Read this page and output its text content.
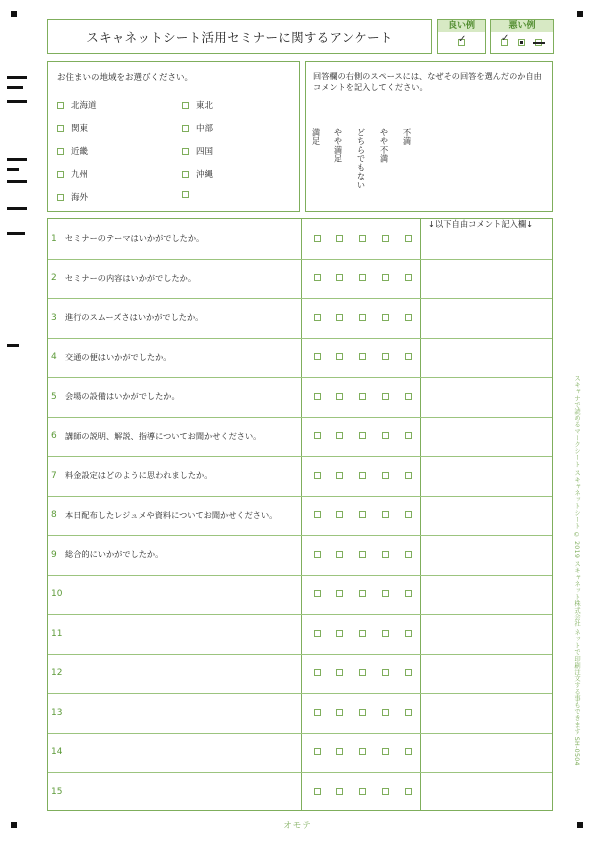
スキャネットシート活用セミナーに関するアンケート
良い例
✓
悪い例
✓
お住まいの地域をお選びください。
北海道
関東
近畿
九州
海外
東北
中部
四国
沖縄
回答欄の右側のスペースには、なぜその回答を選んだのか自由コメントを記入してください。
満足 やや満足 どちらでもない やや不満 不満
↓以下自由コメント記入欄↓
1	セミナーのテーマはいかがでしたか。
2	セミナーの内容はいかがでしたか。
3	進行のスムーズさはいかがでしたか。
4	交通の便はいかがでしたか。
5	会場の設備はいかがでしたか。
6	講師の説明、解説、指導についてお聞かせください。
7	料金設定はどのように思われましたか。
8	本日配布したレジュメや資料についてお聞かせください。
9	総合的にいかがでしたか。
10
11
12
13
14
15
スキャナで読めるマークシート スキャネットシート © 2019 スキャネット株式会社 ネットで印刷注文する事もできます SH-0504
オモテ
